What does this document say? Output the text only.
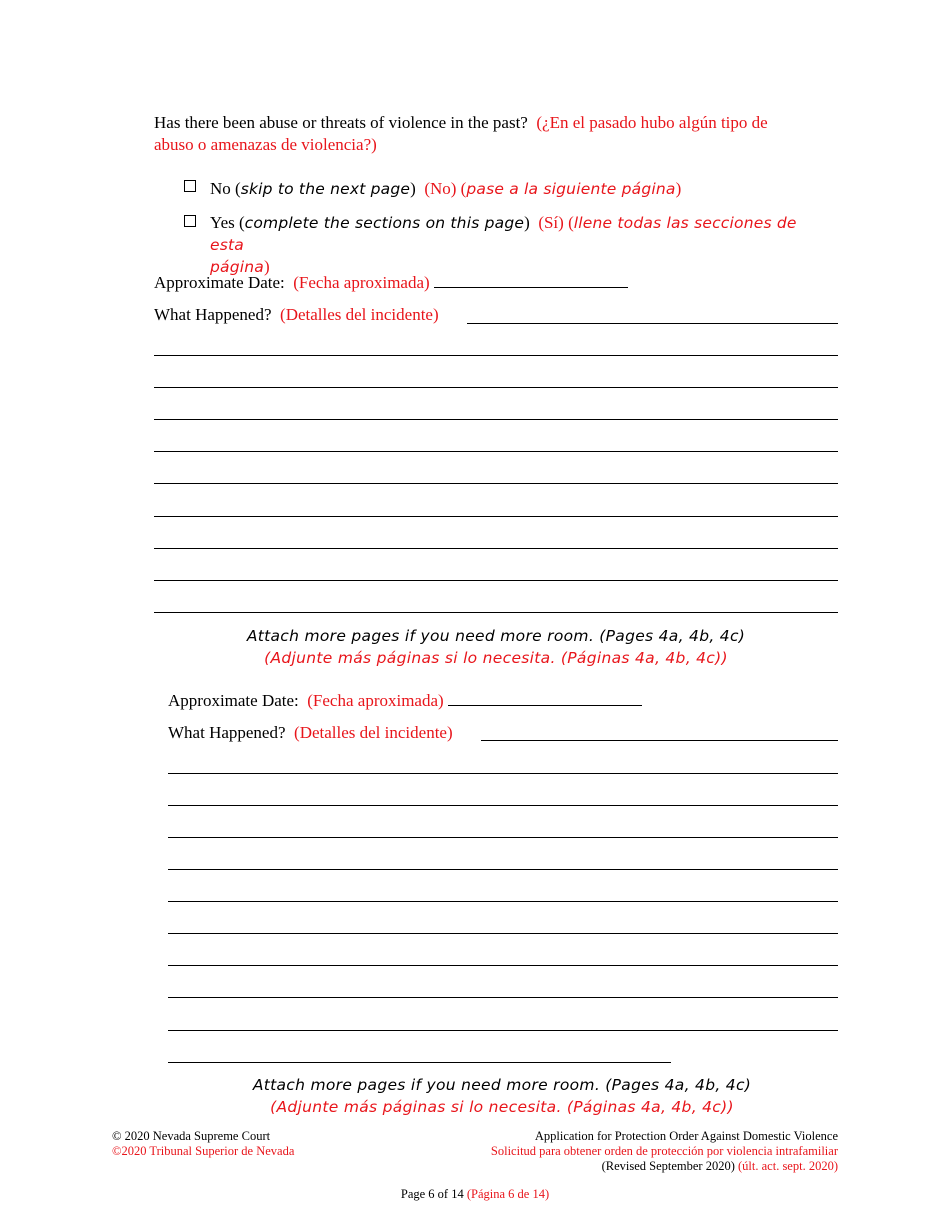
Has there been abuse or threats of violence in the past? (¿En el pasado hubo algún tipo de
abuso o amenazas de violencia?)
No (skip to the next page) (No) (pase a la siguiente página)
Yes (complete the sections on this page) (Sí) (llene todas las secciones de esta
página)
Approximate Date: (Fecha aproximada)
What Happened? (Detalles del incidente)
Attach more pages if you need more room. (Pages 4a, 4b, 4c)
(Adjunte más páginas si lo necesita. (Páginas 4a, 4b, 4c))
Approximate Date: (Fecha aproximada)
What Happened? (Detalles del incidente)
Attach more pages if you need more room. (Pages 4a, 4b, 4c)
(Adjunte más páginas si lo necesita. (Páginas 4a, 4b, 4c))
© 2020 Nevada Supreme Court
©2020 Tribunal Superior de Nevada
Application for Protection Order Against Domestic Violence
Solicitud para obtener orden de protección por violencia intrafamiliar
(Revised September 2020) (últ. act. sept. 2020)
Page 6 of 14 (Página 6 de 14)
